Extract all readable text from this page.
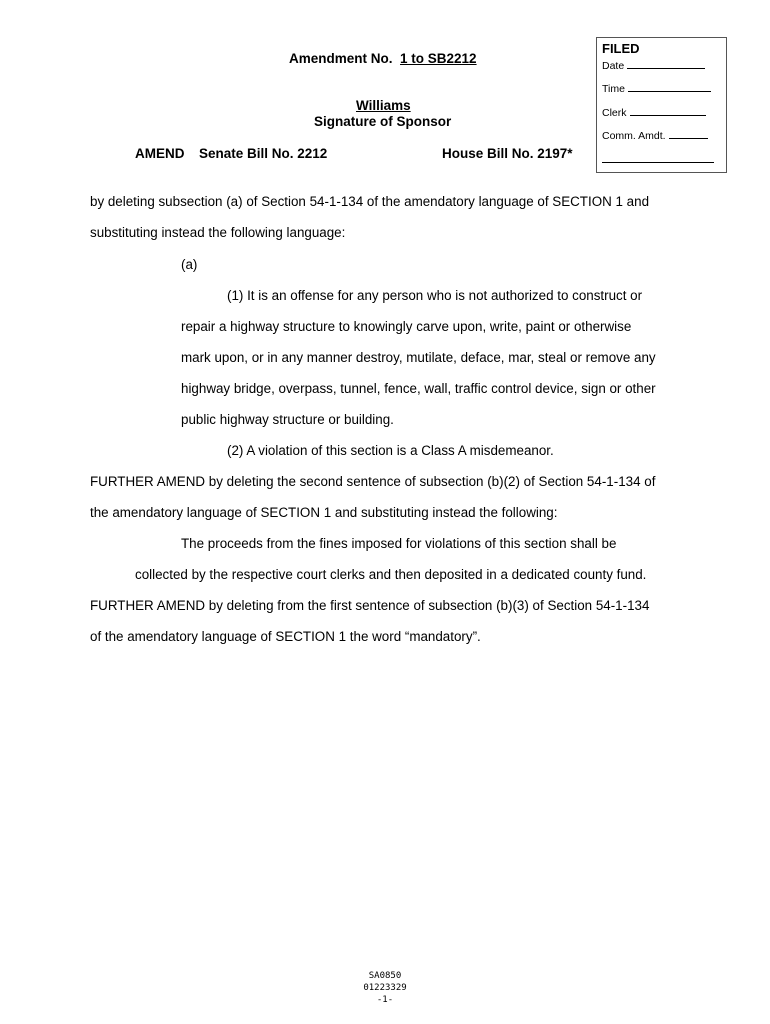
Amendment No. 1 to SB2212
Williams
Signature of Sponsor
AMEND Senate Bill No. 2212	House Bill No. 2197*
FILED
Date
Time
Clerk
Comm. Amdt.
by deleting subsection (a) of Section 54-1-134 of the amendatory language of SECTION 1 and
substituting instead the following language:
(a)
(1) It is an offense for any person who is not authorized to construct or
repair a highway structure to knowingly carve upon, write, paint or otherwise
mark upon, or in any manner destroy, mutilate, deface, mar, steal or remove any
highway bridge, overpass, tunnel, fence, wall, traffic control device, sign or other
public highway structure or building.
(2) A violation of this section is a Class A misdemeanor.
FURTHER AMEND by deleting the second sentence of subsection (b)(2) of Section 54-1-134 of
the amendatory language of SECTION 1 and substituting instead the following:
The proceeds from the fines imposed for violations of this section shall be
collected by the respective court clerks and then deposited in a dedicated county fund.
FURTHER AMEND by deleting from the first sentence of subsection (b)(3) of Section 54-1-134
of the amendatory language of SECTION 1 the word “mandatory”.
SA0850
01223329
-1-
